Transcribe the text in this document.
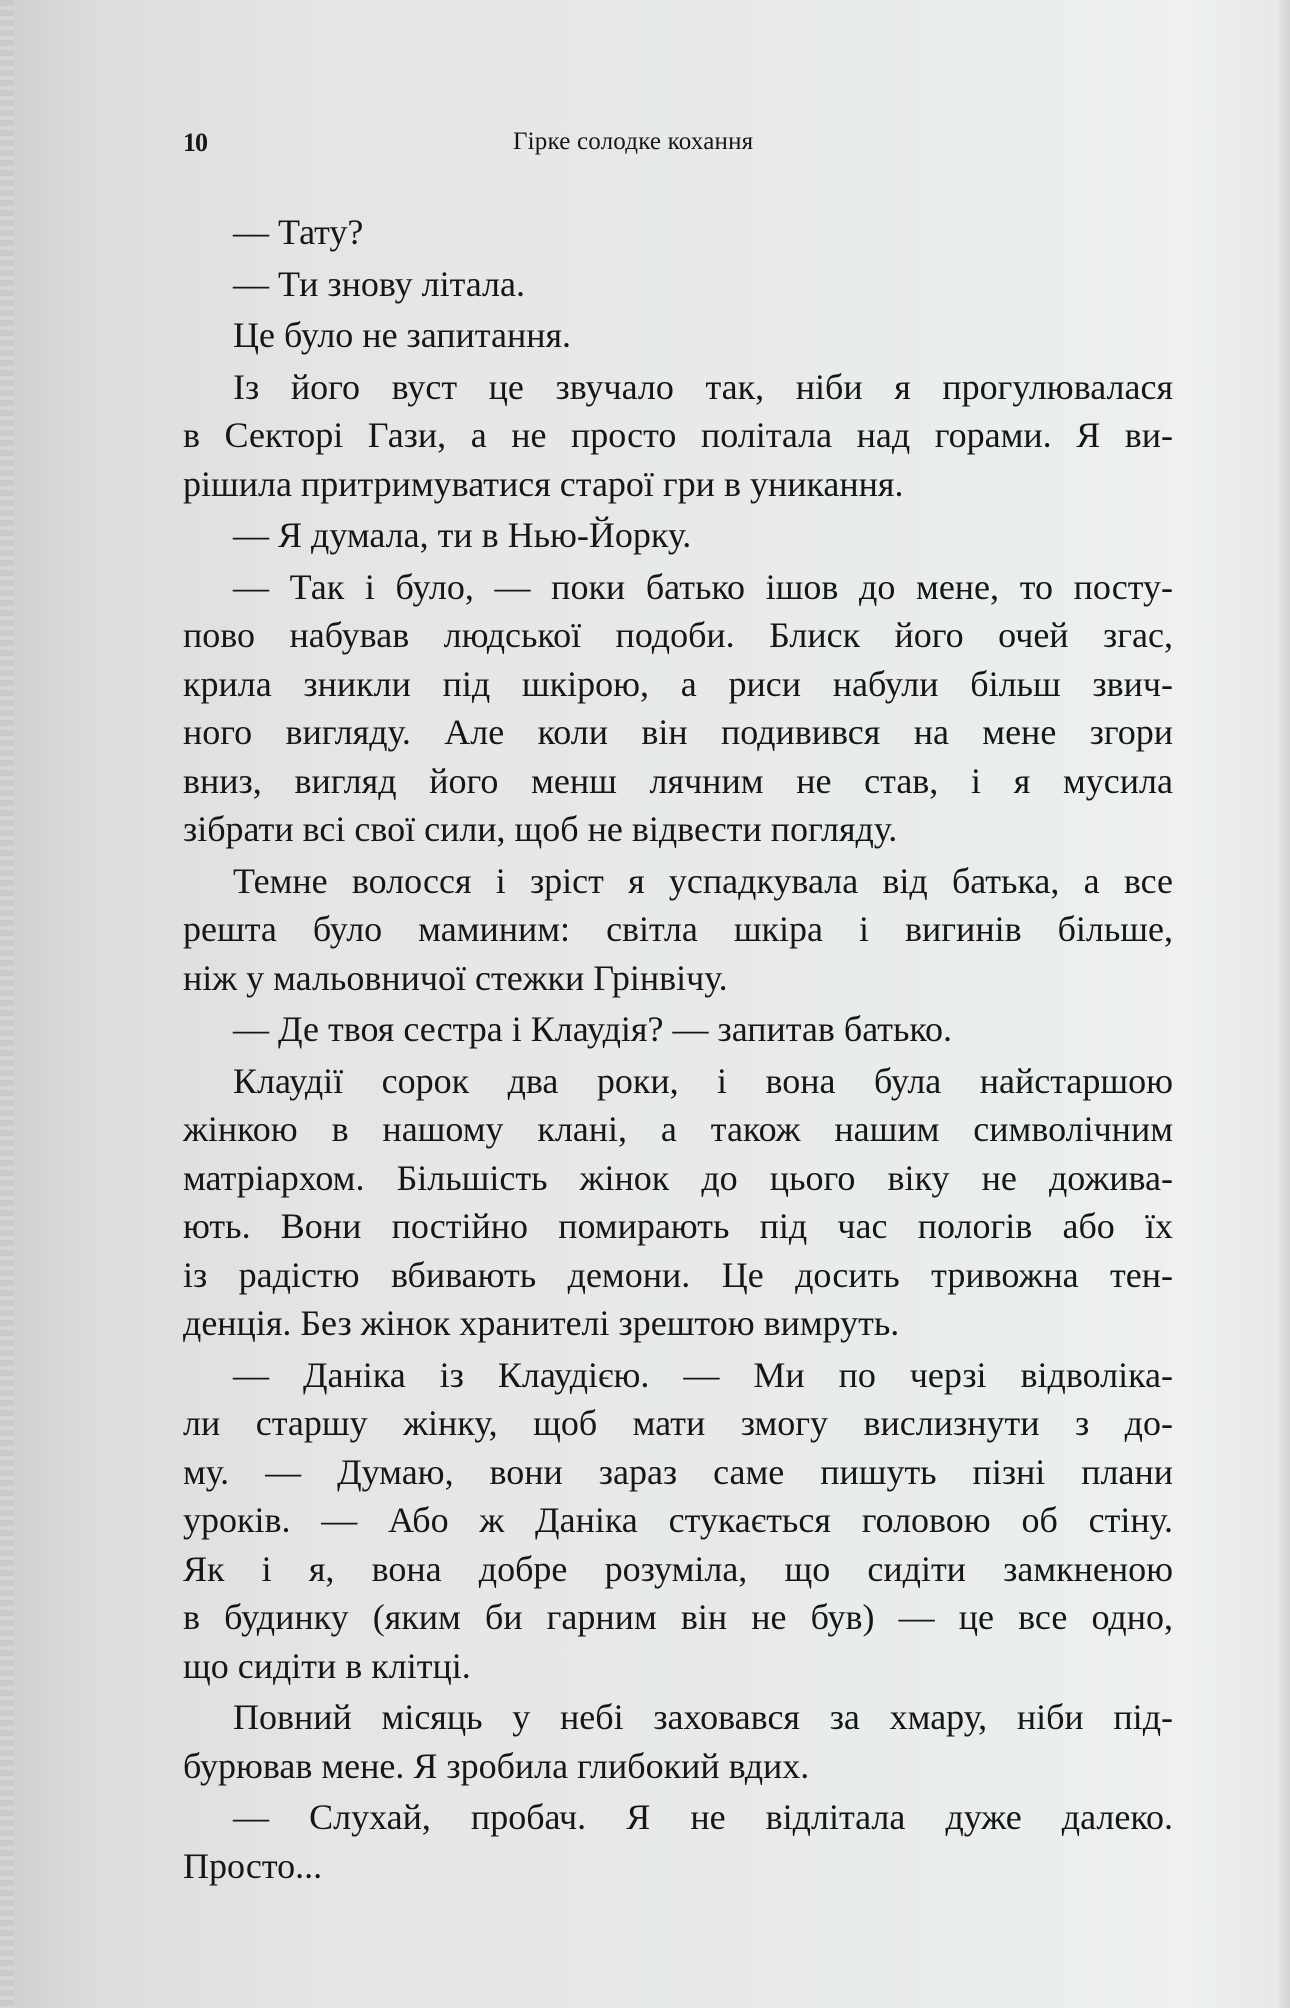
10	Гірке солодке кохання
— Тату?
— Ти знову літала.
Це було не запитання.
Із його вуст це звучало так, ніби я прогулювалася
в Секторі Гази, а не просто політала над горами. Я ви-
рішила притримуватися старої гри в уникання.
— Я думала, ти в Нью-Йорку.
— Так і було, — поки батько ішов до мене, то посту-
пово набував людської подоби. Блиск його очей згас,
крила зникли під шкірою, а риси набули більш звич-
ного вигляду. Але коли він подивився на мене згори
вниз, вигляд його менш лячним не став, і я мусила
зібрати всі свої сили, щоб не відвести погляду.
Темне волосся і зріст я успадкувала від батька, а все
решта було маминим: світла шкіра і вигинів більше,
ніж у мальовничої стежки Грінвічу.
— Де твоя сестра і Клаудія? — запитав батько.
Клаудії сорок два роки, і вона була найстаршою
жінкою в нашому клані, а також нашим символічним
матріархом. Більшість жінок до цього віку не дожива-
ють. Вони постійно помирають під час пологів або їх
із радістю вбивають демони. Це досить тривожна тен-
денція. Без жінок хранителі зрештою вимруть.
— Даніка із Клаудією. — Ми по черзі відволіка-
ли старшу жінку, щоб мати змогу вислизнути з до-
му. — Думаю, вони зараз саме пишуть пізні плани
уроків. — Або ж Даніка стукається головою об стіну.
Як і я, вона добре розуміла, що сидіти замкненою
в будинку (яким би гарним він не був) — це все одно,
що сидіти в клітці.
Повний місяць у небі заховався за хмару, ніби під-
бурював мене. Я зробила глибокий вдих.
— Слухай, пробач. Я не відлітала дуже далеко.
Просто...
